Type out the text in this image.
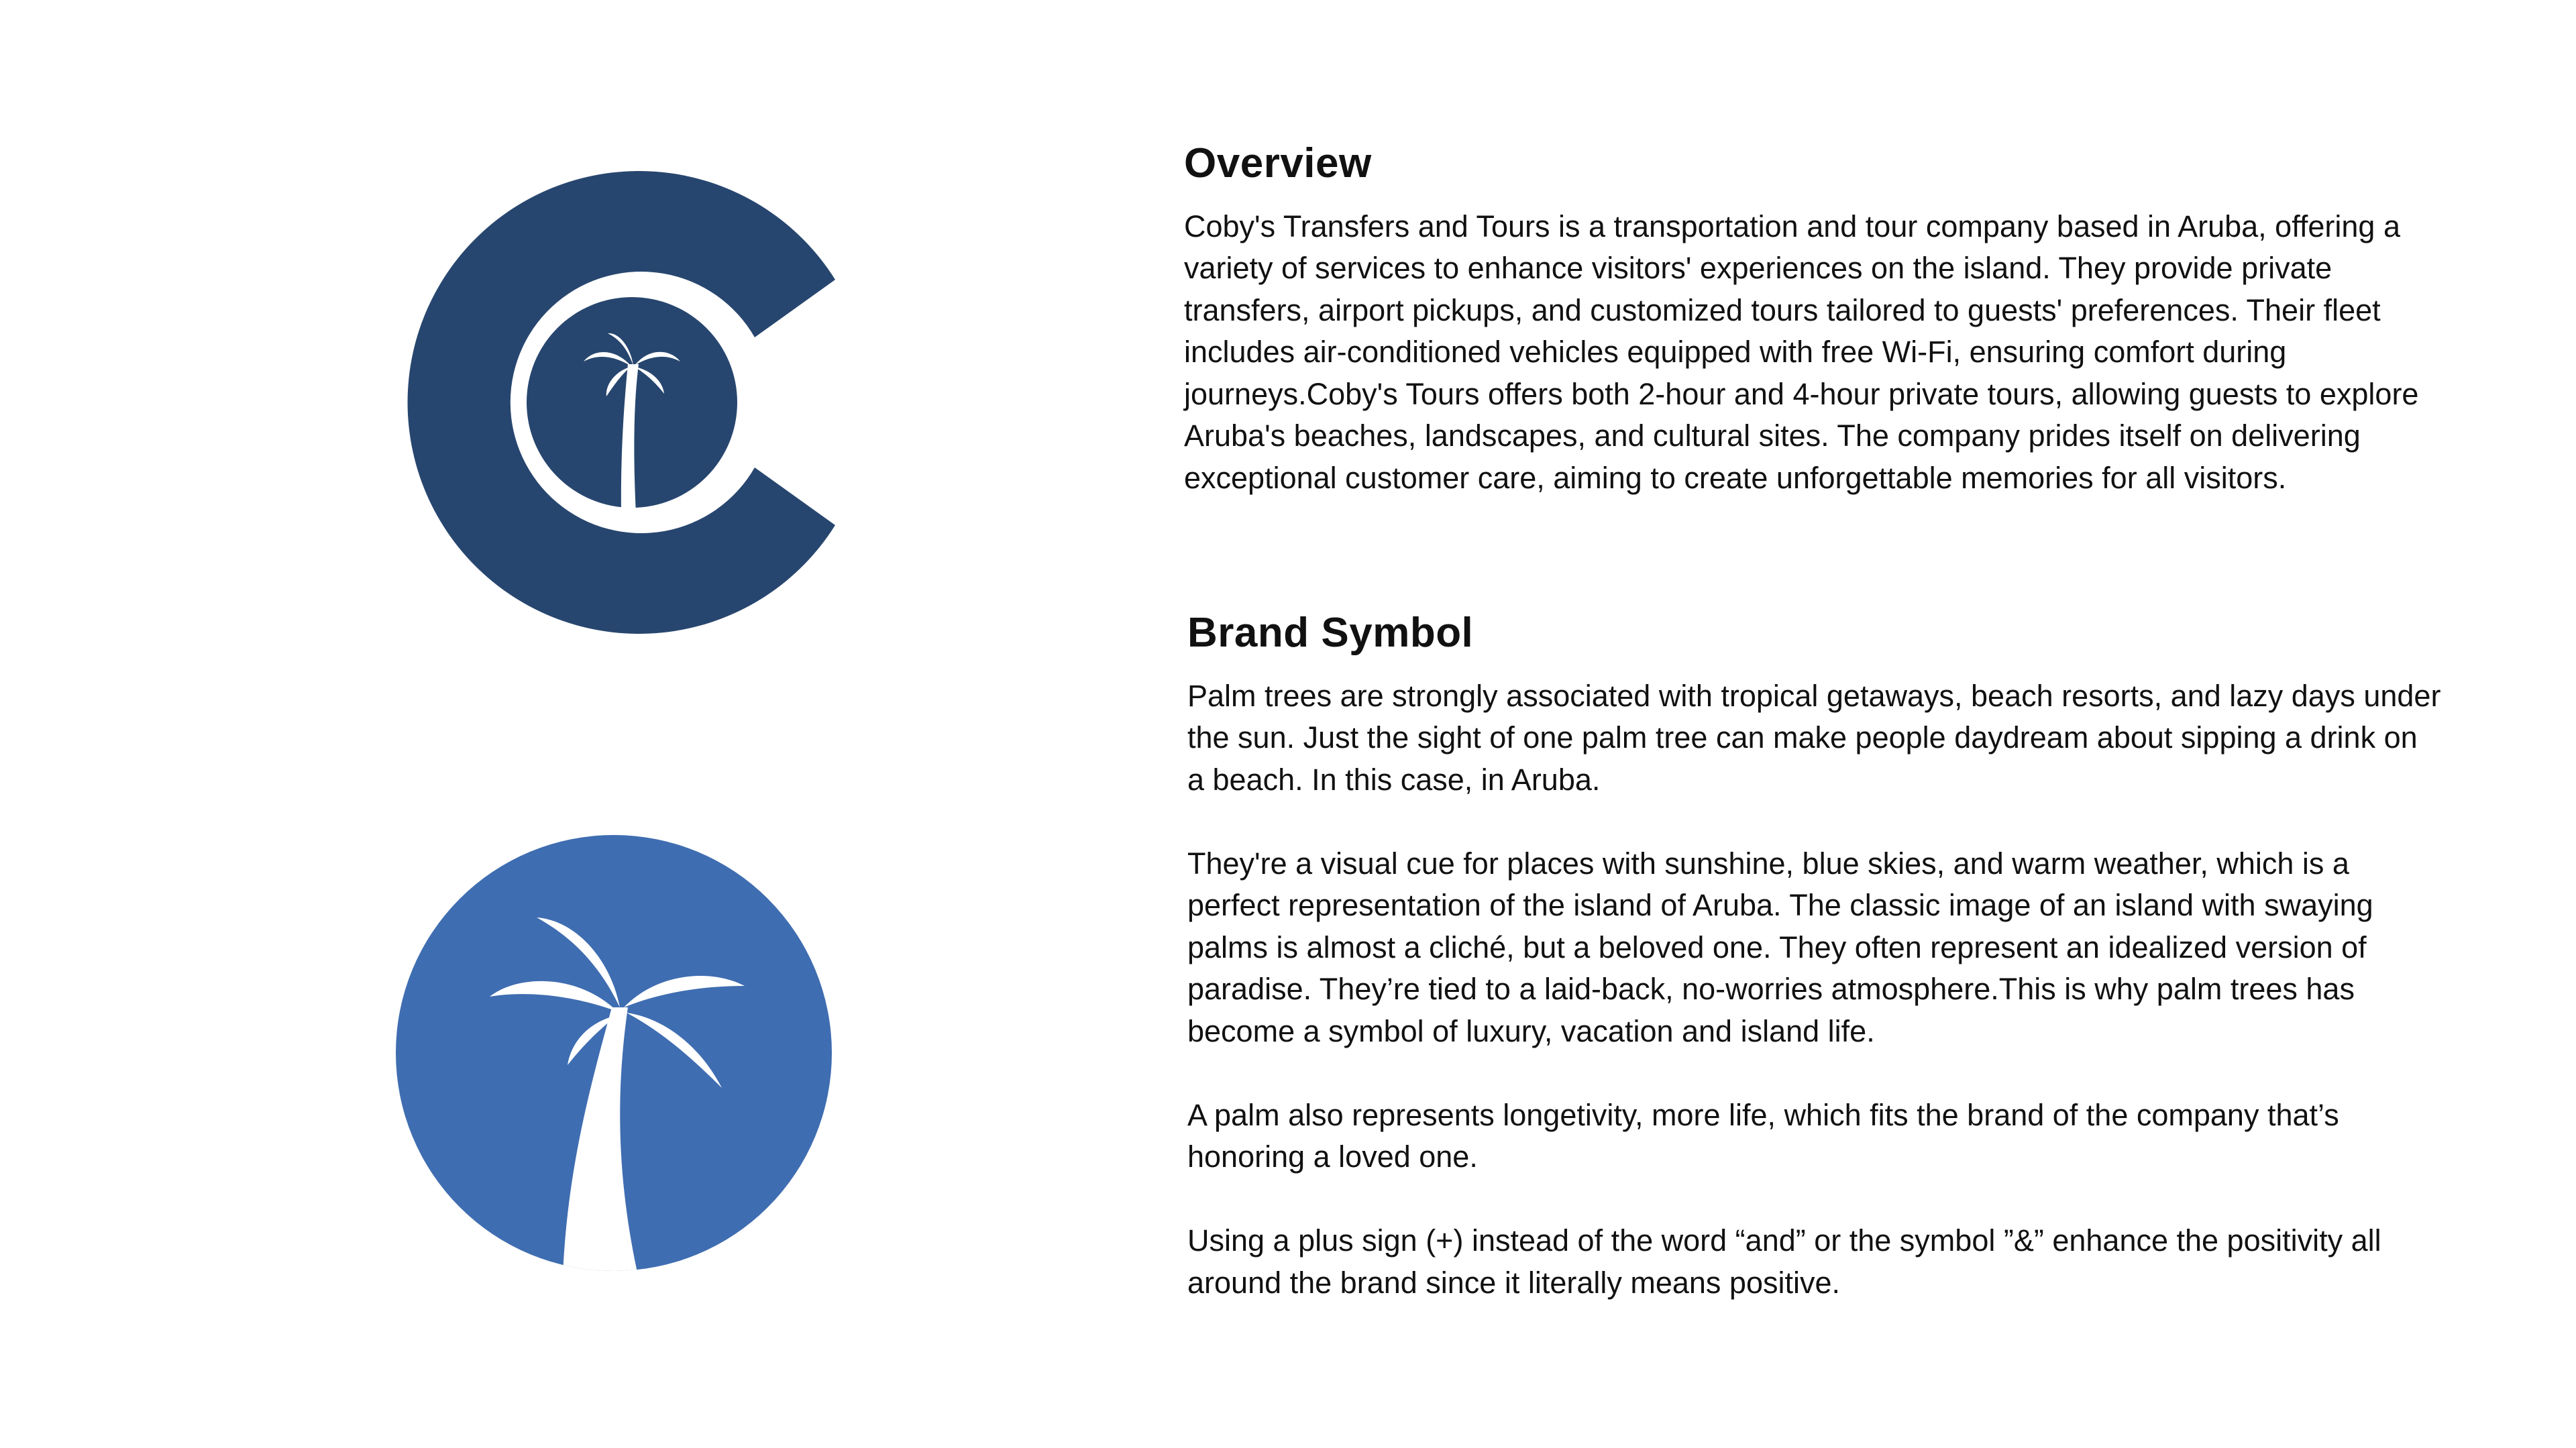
Overview

Coby's Transfers and Tours is a transportation and tour company based in Aruba, offering a
variety of services to enhance visitors' experiences on the island. They provide private
transfers, airport pickups, and customized tours tailored to guests' preferences. Their fleet
includes air-conditioned vehicles equipped with free Wi-Fi, ensuring comfort during
journeys.Coby's Tours offers both 2-hour and 4-hour private tours, allowing guests to explore
Aruba's beaches, landscapes, and cultural sites. The company prides itself on delivering
exceptional customer care, aiming to create unforgettable memories for all visitors.

Brand Symbol

Palm trees are strongly associated with tropical getaways, beach resorts, and lazy days under
the sun. Just the sight of one palm tree can make people daydream about sipping a drink on
a beach. In this case, in Aruba.

They're a visual cue for places with sunshine, blue skies, and warm weather, which is a
perfect representation of the island of Aruba. The classic image of an island with swaying
palms is almost a cliché, but a beloved one. They often represent an idealized version of
paradise. They’re tied to a laid-back, no-worries atmosphere.This is why palm trees has
become a symbol of luxury, vacation and island life.

A palm also represents longetivity, more life, which fits the brand of the company that’s
honoring a loved one.

Using a plus sign (+) instead of the word “and” or the symbol ”&” enhance the positivity all
around the brand since it literally means positive.
